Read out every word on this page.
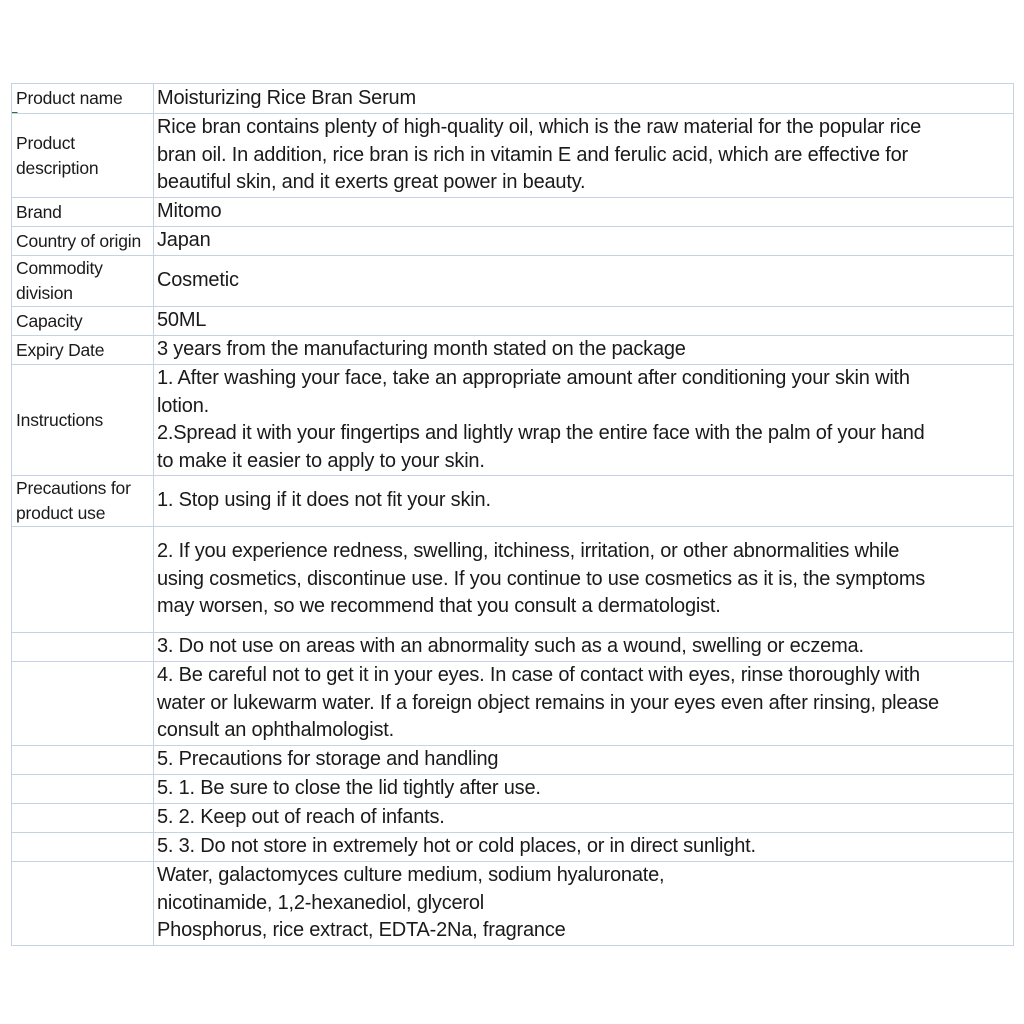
Product name	Moisturizing Rice Bran Serum

Product
description	Rice bran contains plenty of high-quality oil, which is the raw material for the popular rice
bran oil. In addition, rice bran is rich in vitamin E and ferulic acid, which are effective for
beautiful skin, and it exerts great power in beauty.

Brand	Mitomo

Country of origin	Japan

Commodity
division	Cosmetic

Capacity	50ML

Expiry Date	3 years from the manufacturing month stated on the package

Instructions	1. After washing your face, take an appropriate amount after conditioning your skin with
lotion.
2.Spread it with your fingertips and lightly wrap the entire face with the palm of your hand
to make it easier to apply to your skin.

Precautions for
product use	1. Stop using if it does not fit your skin.

	2. If you experience redness, swelling, itchiness, irritation, or other abnormalities while
using cosmetics, discontinue use. If you continue to use cosmetics as it is, the symptoms
may worsen, so we recommend that you consult a dermatologist.

	3. Do not use on areas with an abnormality such as a wound, swelling or eczema.

	4. Be careful not to get it in your eyes. In case of contact with eyes, rinse thoroughly with
water or lukewarm water. If a foreign object remains in your eyes even after rinsing, please
consult an ophthalmologist.

	5. Precautions for storage and handling

	5. 1. Be sure to close the lid tightly after use.

	5. 2. Keep out of reach of infants.

	5. 3. Do not store in extremely hot or cold places, or in direct sunlight.

	Water, galactomyces culture medium, sodium hyaluronate,
nicotinamide, 1,2-hexanediol, glycerol
Phosphorus, rice extract, EDTA-2Na, fragrance
